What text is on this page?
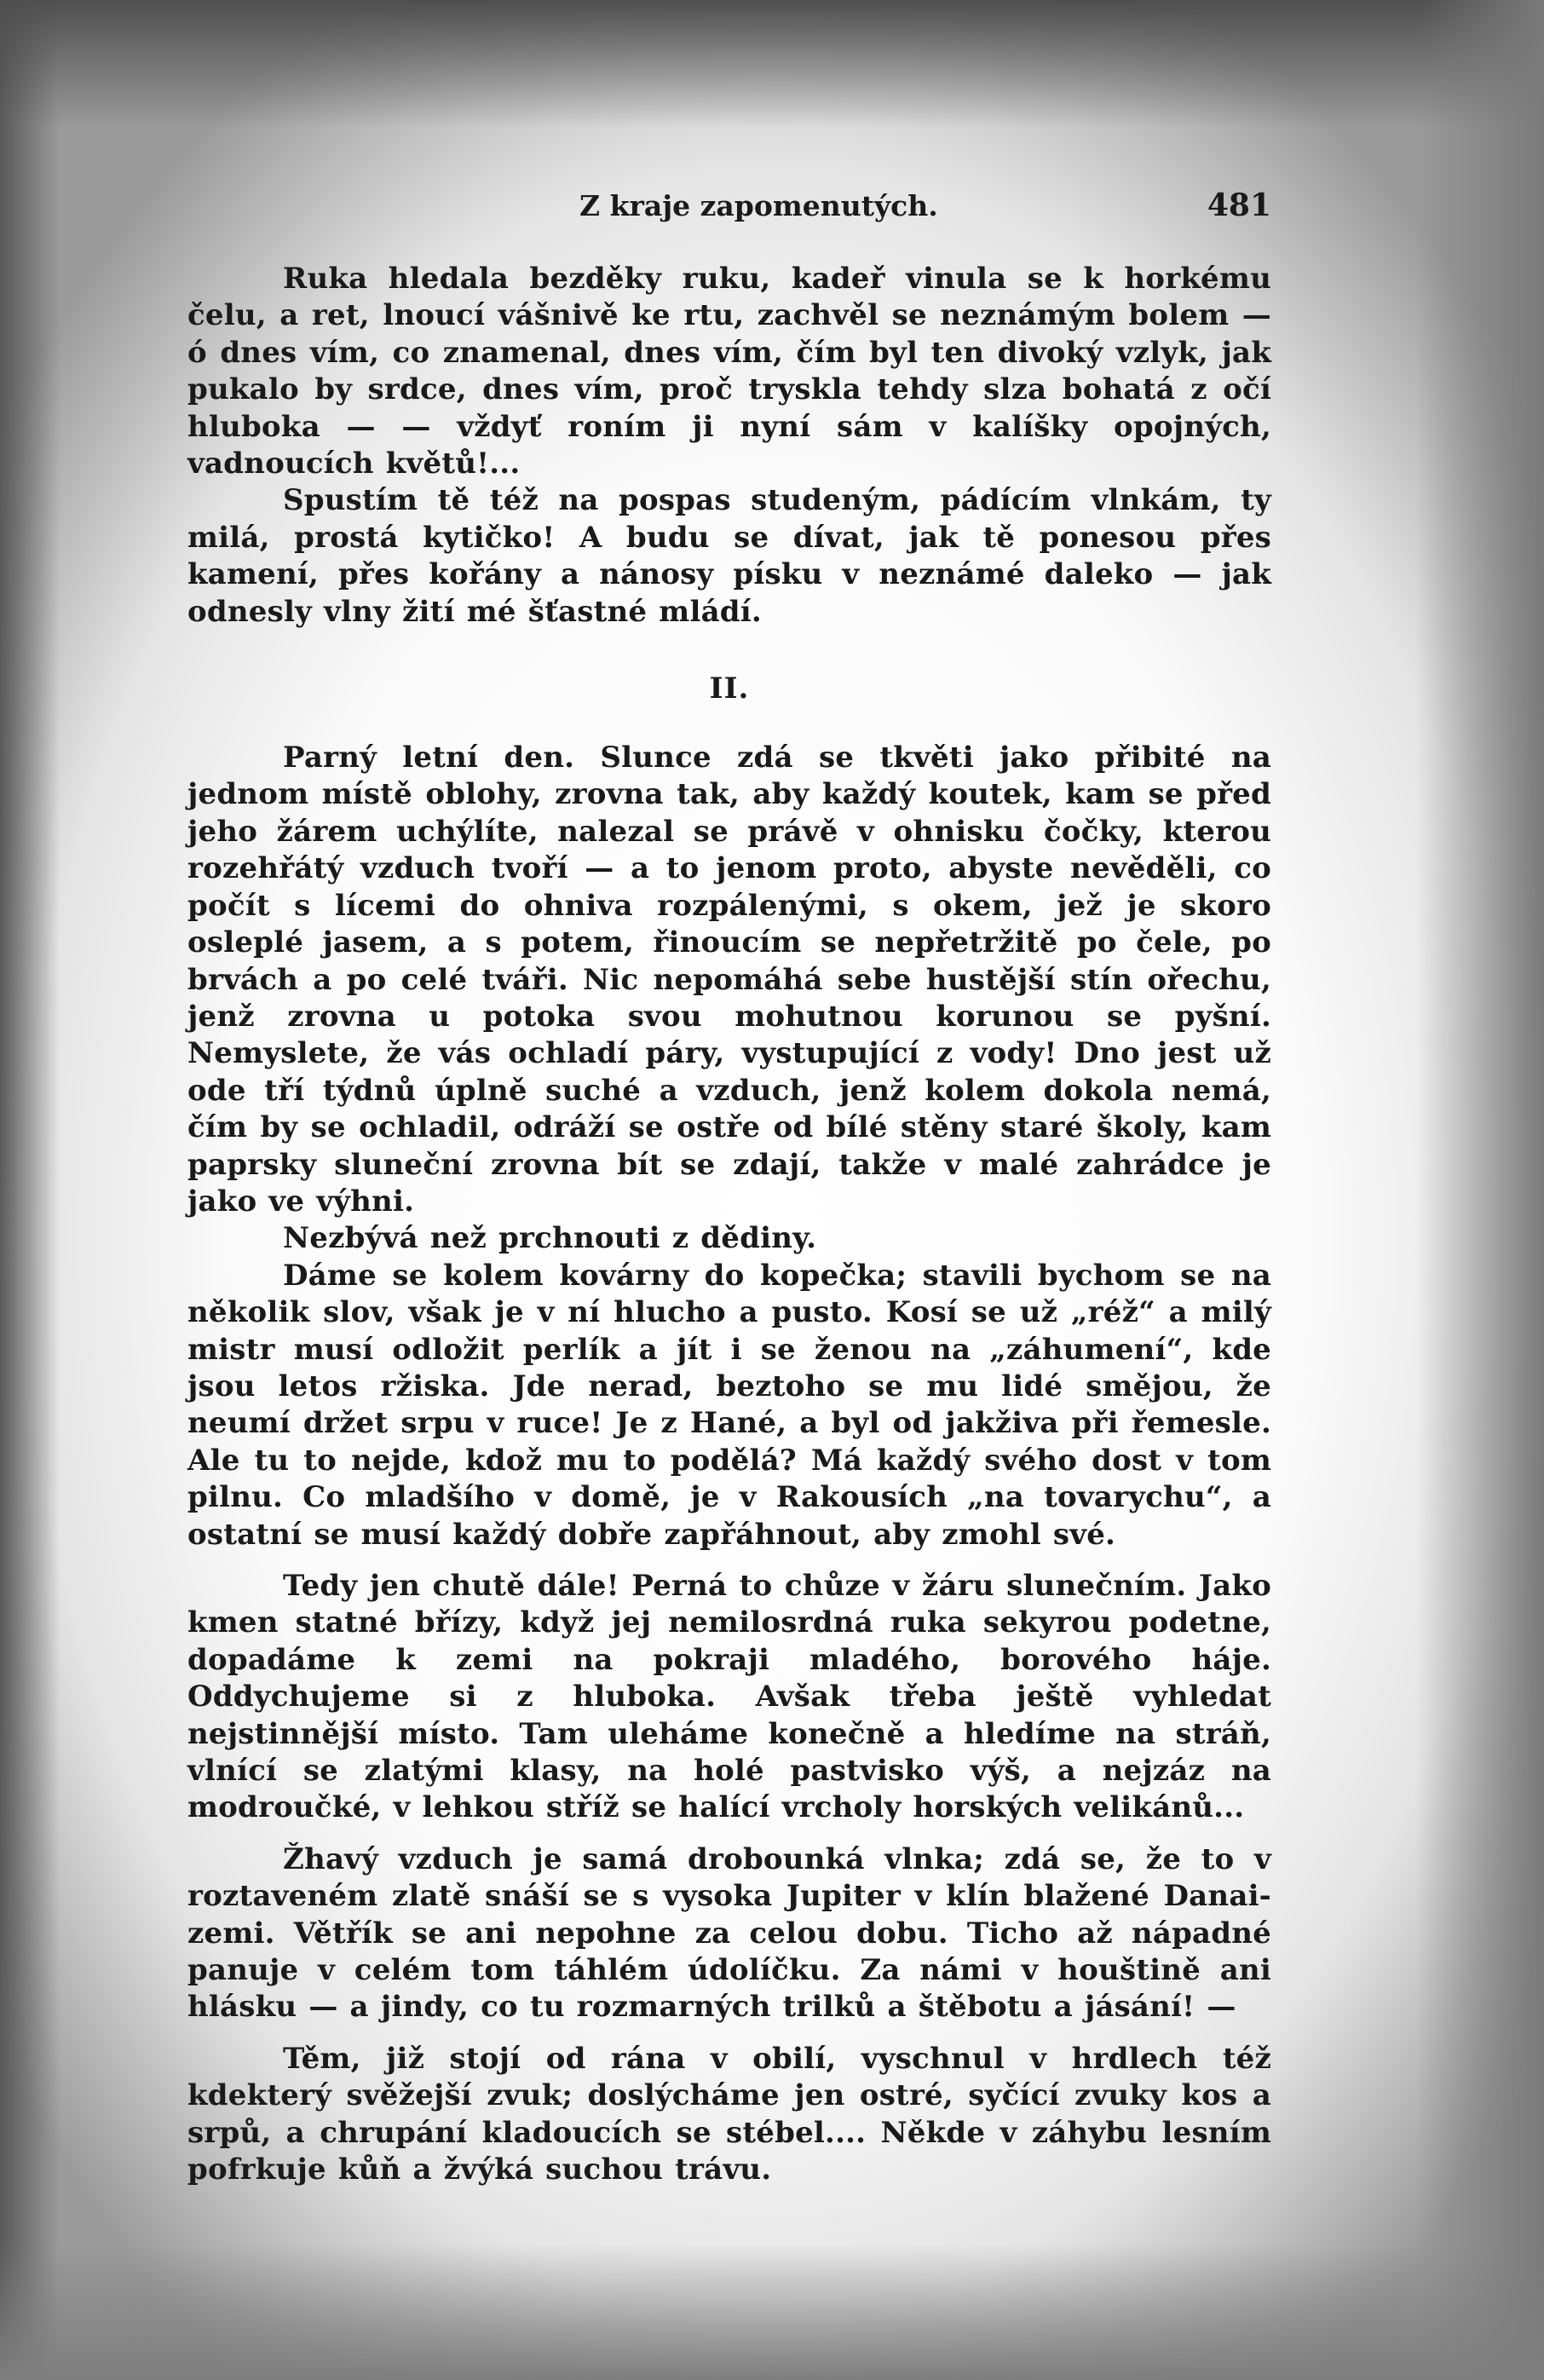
Z kraje zapomenutých.	481

Ruka hledala bezděky ruku, kadeř vinula se k horkému čelu, a ret, lnoucí vášnivě ke rtu, zachvěl se neznámým bolem — ó dnes vím, co znamenal, dnes vím, čím byl ten divoký vzlyk, jak pukalo by srdce, dnes vím, proč tryskla tehdy slza bohatá z očí hluboka — — vždyť roním ji nyní sám v kalíšky opojných, vadnoucích květů!...

Spustím tě též na pospas studeným, pádícím vlnkám, ty milá, prostá kytičko! A budu se dívat, jak tě ponesou přes kamení, přes kořány a nánosy písku v neznámé daleko — jak odnesly vlny žití mé šťastné mládí.

II.

Parný letní den. Slunce zdá se tkvěti jako přibité na jednom místě oblohy, zrovna tak, aby každý koutek, kam se před jeho žárem uchýlíte, nalezal se právě v ohnisku čočky, kterou rozehřátý vzduch tvoří — a to jenom proto, abyste nevěděli, co počít s lícemi do ohniva rozpálenými, s okem, jež je skoro osleplé jasem, a s potem, řinoucím se nepřetržitě po čele, po brvách a po celé tváři. Nic nepomáhá sebe hustější stín ořechu, jenž zrovna u potoka svou mohutnou korunou se pyšní. Nemyslete, že vás ochladí páry, vystupující z vody! Dno jest už ode tří týdnů úplně suché a vzduch, jenž kolem dokola nemá, čím by se ochladil, odráží se ostře od bílé stěny staré školy, kam paprsky sluneční zrovna bít se zdají, takže v malé zahrádce je jako ve výhni.

Nezbývá než prchnouti z dědiny.

Dáme se kolem kovárny do kopečka; stavili bychom se na několik slov, však je v ní hlucho a pusto. Kosí se už „réž“ a milý mistr musí odložit perlík a jít i se ženou na „záhumení“, kde jsou letos ržiska. Jde nerad, beztoho se mu lidé smějou, že neumí držet srpu v ruce! Je z Hané, a byl od jakživa při řemesle. Ale tu to nejde, kdož mu to podělá? Má každý svého dost v tom pilnu. Co mladšího v domě, je v Rakousích „na tovarychu“, a ostatní se musí každý dobře zapřáhnout, aby zmohl své.

Tedy jen chutě dále! Perná to chůze v žáru slunečním. Jako kmen statné břízy, když jej nemilosrdná ruka sekyrou podetne, dopadáme k zemi na pokraji mladého, borového háje. Oddychujeme si z hluboka. Avšak třeba ještě vyhledat nejstinnější místo. Tam uleháme konečně a hledíme na stráň, vlnící se zlatými klasy, na holé pastvisko výš, a nejzáz na modroučké, v lehkou stříž se halící vrcholy horských velikánů...

Žhavý vzduch je samá drobounká vlnka; zdá se, že to v roztaveném zlatě snáší se s vysoka Jupiter v klín blažené Danai-zemi. Větřík se ani nepohne za celou dobu. Ticho až nápadné panuje v celém tom táhlém údolíčku. Za námi v houštině ani hlásku — a jindy, co tu rozmarných trilků a štěbotu a jásání! —

Těm, již stojí od rána v obilí, vyschnul v hrdlech též kdekterý svěžejší zvuk; doslýcháme jen ostré, syčící zvuky kos a srpů, a chrupání kladoucích se stébel.... Někde v záhybu lesním pofrkuje kůň a žvýká suchou trávu.
